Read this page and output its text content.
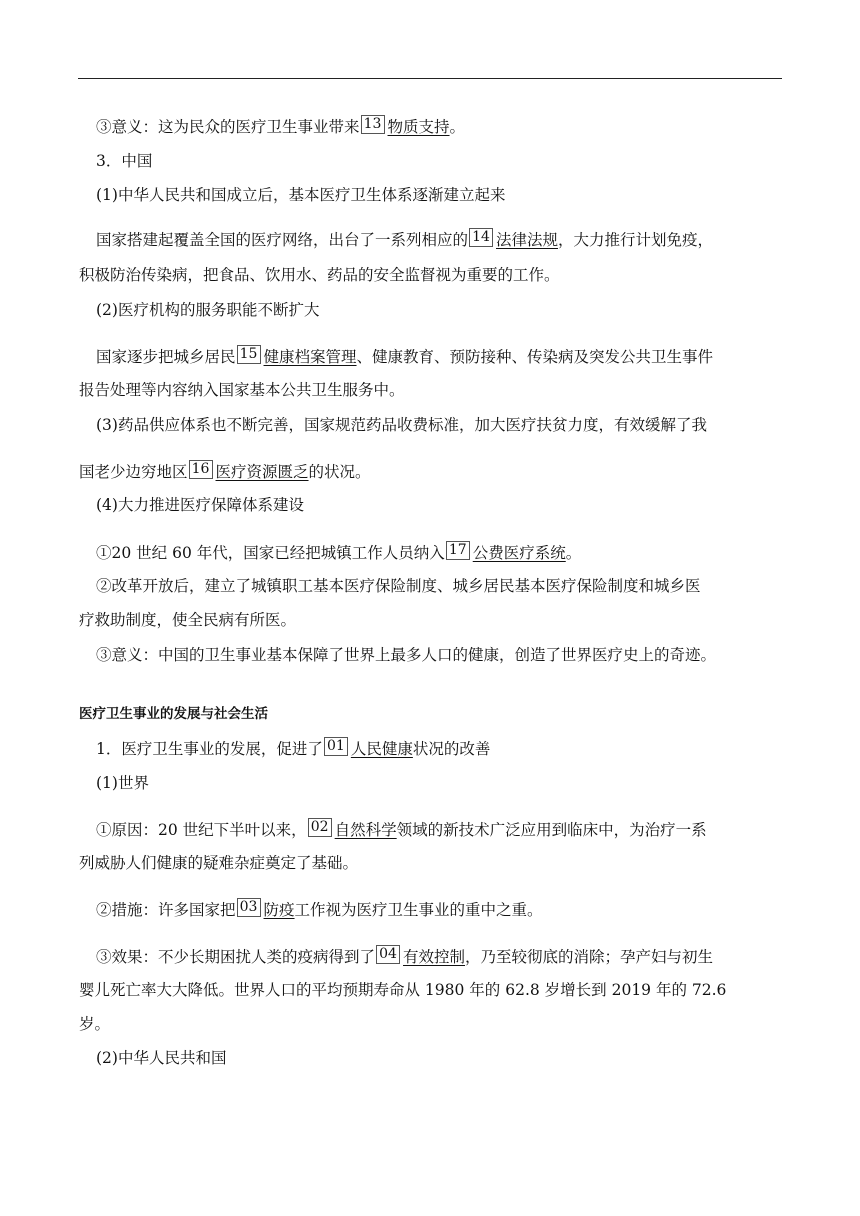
③意义：这为民众的医疗卫生事业带来 13 物质支持。
3．中国
(1)中华人民共和国成立后，基本医疗卫生体系逐渐建立起来
国家搭建起覆盖全国的医疗网络，出台了一系列相应的 14 法律法规，大力推行计划免疫，
积极防治传染病，把食品、饮用水、药品的安全监督视为重要的工作。
(2)医疗机构的服务职能不断扩大
国家逐步把城乡居民 15 健康档案管理、健康教育、预防接种、传染病及突发公共卫生事件
报告处理等内容纳入国家基本公共卫生服务中。
(3)药品供应体系也不断完善，国家规范药品收费标准，加大医疗扶贫力度，有效缓解了我
国老少边穷地区 16 医疗资源匮乏的状况。
(4)大力推进医疗保障体系建设
①20 世纪 60 年代，国家已经把城镇工作人员纳入 17 公费医疗系统。
②改革开放后，建立了城镇职工基本医疗保险制度、城乡居民基本医疗保险制度和城乡医
疗救助制度，使全民病有所医。
③意义：中国的卫生事业基本保障了世界上最多人口的健康，创造了世界医疗史上的奇迹。
医疗卫生事业的发展与社会生活
1．医疗卫生事业的发展，促进了 01 人民健康状况的改善
(1)世界
①原因：20 世纪下半叶以来， 02 自然科学领域的新技术广泛应用到临床中，为治疗一系
列威胁人们健康的疑难杂症奠定了基础。
②措施：许多国家把 03 防疫工作视为医疗卫生事业的重中之重。
③效果：不少长期困扰人类的疫病得到了 04 有效控制，乃至较彻底的消除；孕产妇与初生
婴儿死亡率大大降低。世界人口的平均预期寿命从 1980 年的 62.8 岁增长到 2019 年的 72.6
岁。
(2)中华人民共和国
